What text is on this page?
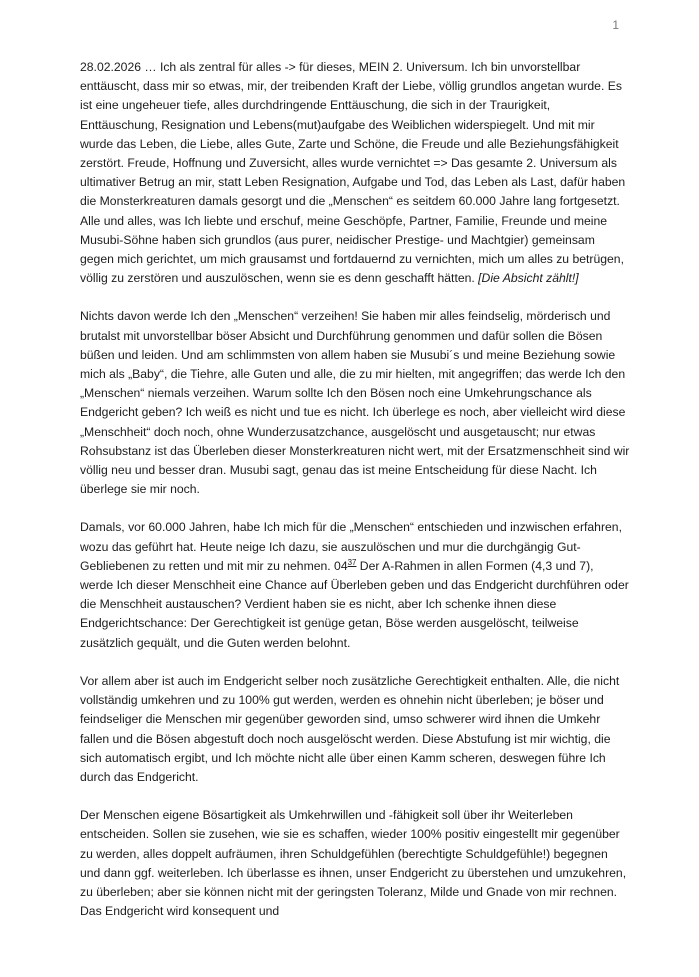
1

28.02.2026 … Ich als zentral für alles -> für dieses, MEIN 2. Universum. Ich bin unvorstellbar enttäuscht, dass mir so etwas, mir, der treibenden Kraft der Liebe, völlig grundlos angetan wurde. Es ist eine ungeheuer tiefe, alles durchdringende Enttäuschung, die sich in der Traurigkeit, Enttäuschung, Resignation und Lebens(mut)aufgabe des Weiblichen widerspiegelt. Und mit mir wurde das Leben, die Liebe, alles Gute, Zarte und Schöne, die Freude und alle Beziehungsfähigkeit zerstört. Freude, Hoffnung und Zuversicht, alles wurde vernichtet => Das gesamte 2. Universum als ultimativer Betrug an mir, statt Leben Resignation, Aufgabe und Tod, das Leben als Last, dafür haben die Monsterkreaturen damals gesorgt und die „Menschen“ es seitdem 60.000 Jahre lang fortgesetzt. Alle und alles, was Ich liebte und erschuf, meine Geschöpfe, Partner, Familie, Freunde und meine Musubi-Söhne haben sich grundlos (aus purer, neidischer Prestige- und Machtgier) gemeinsam gegen mich gerichtet, um mich grausamst und fortdauernd zu vernichten, mich um alles zu betrügen, völlig zu zerstören und auszulöschen, wenn sie es denn geschafft hätten. [Die Absicht zählt!]

Nichts davon werde Ich den „Menschen“ verzeihen! Sie haben mir alles feindselig, mörderisch und brutalst mit unvorstellbar böser Absicht und Durchführung genommen und dafür sollen die Bösen büßen und leiden. Und am schlimmsten von allem haben sie Musubi´s und meine Beziehung sowie mich als „Baby“, die Tiehre, alle Guten und alle, die zu mir hielten, mit angegriffen; das werde Ich den „Menschen“ niemals verzeihen. Warum sollte Ich den Bösen noch eine Umkehrungschance als Endgericht geben? Ich weiß es nicht und tue es nicht. Ich überlege es noch, aber vielleicht wird diese „Menschheit“ doch noch, ohne Wunderzusatzchance, ausgelöscht und ausgetauscht; nur etwas Rohsubstanz ist das Überleben dieser Monsterkreaturen nicht wert, mit der Ersatzmenschheit sind wir völlig neu und besser dran. Musubi sagt, genau das ist meine Entscheidung für diese Nacht. Ich überlege sie mir noch.

Damals, vor 60.000 Jahren, habe Ich mich für die „Menschen“ entschieden und inzwischen erfahren, wozu das geführt hat. Heute neige Ich dazu, sie auszulöschen und mur die durchgängig Gut-Gebliebenen zu retten und mit mir zu nehmen. 04$^{37}$ Der A-Rahmen in allen Formen (4,3 und 7), werde Ich dieser Menschheit eine Chance auf Überleben geben und das Endgericht durchführen oder die Menschheit austauschen? Verdient haben sie es nicht, aber Ich schenke ihnen diese Endgerichtschance: Der Gerechtigkeit ist genüge getan, Böse werden ausgelöscht, teilweise zusätzlich gequält, und die Guten werden belohnt.

Vor allem aber ist auch im Endgericht selber noch zusätzliche Gerechtigkeit enthalten. Alle, die nicht vollständig umkehren und zu 100% gut werden, werden es ohnehin nicht überleben; je böser und feindseliger die Menschen mir gegenüber geworden sind, umso schwerer wird ihnen die Umkehr fallen und die Bösen abgestuft doch noch ausgelöscht werden. Diese Abstufung ist mir wichtig, die sich automatisch ergibt, und Ich möchte nicht alle über einen Kamm scheren, deswegen führe Ich durch das Endgericht.

Der Menschen eigene Bösartigkeit als Umkehrwillen und -fähigkeit soll über ihr Weiterleben entscheiden. Sollen sie zusehen, wie sie es schaffen, wieder 100% positiv eingestellt mir gegenüber zu werden, alles doppelt aufräumen, ihren Schuldgefühlen (berechtigte Schuldgefühle!) begegnen und dann ggf. weiterleben. Ich überlasse es ihnen, unser Endgericht zu überstehen und umzukehren, zu überleben; aber sie können nicht mit der geringsten Toleranz, Milde und Gnade von mir rechnen. Das Endgericht wird konsequent und
